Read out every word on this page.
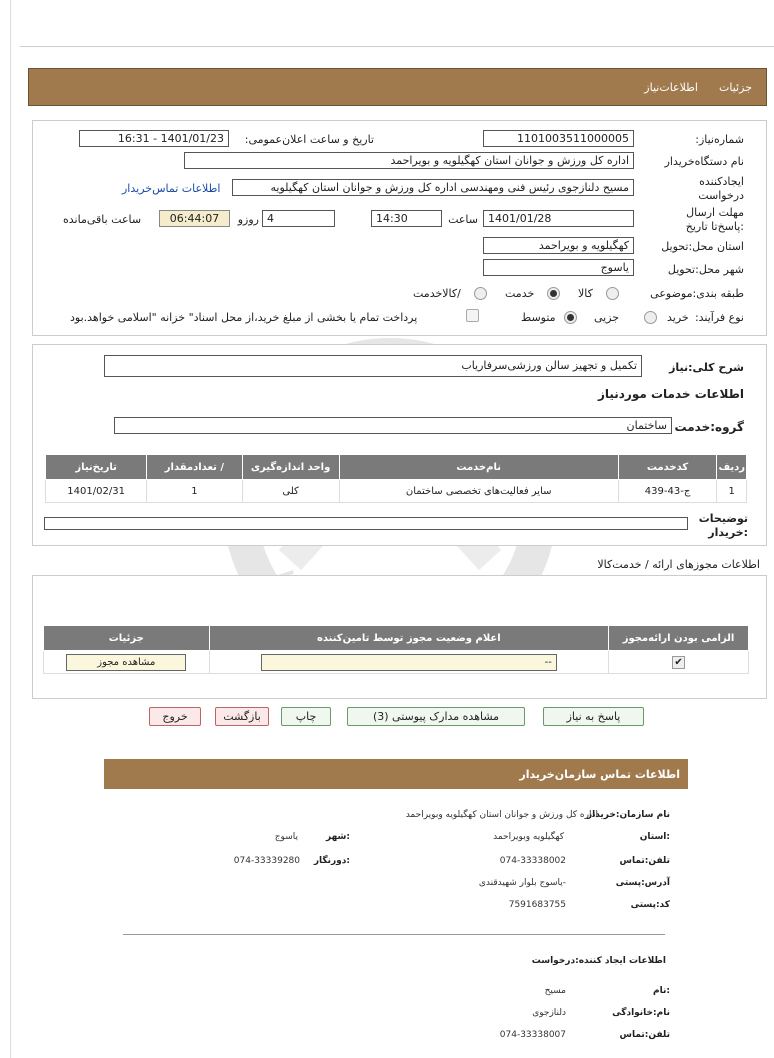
جزئیات
اطلاعات‌نیاز
شماره‌نیاز:
1101003511000005
تاریخ و ساعت اعلان‌عمومی:
1401/01/23 - 16:31
نام دستگاه‌خریدار
اداره کل ورزش و جوانان استان کهگیلویه و بویراحمد
ایجادکننده درخواست
مسیح دلنازجوی رئیس فنی ومهندسی اداره کل ورزش و جوانان استان کهگیلویه
اطلاعات تماس‌خریدار
مهلت ارسال :پاسخ‌تا تاریخ
1401/01/28
ساعت
14:30
4
روزو
06:44:07
ساعت باقی‌مانده
استان محل:تحویل
کهگیلویه و بویراحمد
شهر محل:تحویل
یاسوج
طبقه بندی:موضوعی
کالا
خدمت
/کالاخدمت
نوع فرآیند:
خرید
جزیی
متوسط
پرداخت تمام یا بخشی از مبلغ خرید،از محل اسناد" خزانه "اسلامی خواهد.بود
شرح کلی:نیاز
تکمیل و تجهیز سالن ورزشی‌سرفاریاب
اطلاعات خدمات موردنیاز
گروه:خدمت
ساختمان
ردیف	کدخدمت	نام‌خدمت	واحد اندازه‌گیری	/ تعدادمقدار	تاریخ‌نیاز
1	ج-43-439	سایر فعالیت‌های تخصصی ساختمان	کلی	1	1401/02/31
توضیحات :خریدار
اطلاعات مجوزهای ارائه / خدمت‌کالا
الزامی بودن ارائه‌مجوز	اعلام وضعیت مجوز توسط تامین‌کننده	جزئیات
✔	--	مشاهده مجوز
پاسخ به نیاز
مشاهده مدارک پیوستی (3)
چاپ
بازگشت
خروج
اطلاعات تماس سازمان‌خریدار
نام سازمان:خریدار
اداره کل ورزش و جوانان استان کهگیلویه وبویراحمد
:استان
کهگیلویه وبویراحمد
:شهر
یاسوج
تلفن:تماس
074-33338002
:دورنگار
074-33339280
آدرس:پستی
-یاسوج بلوار شهیدقندی
کد:پستی
7591683755
اطلاعات ایجاد کننده:درخواست
:نام
مسیح
نام:خانوادگی
دلنازجوی
تلفن:تماس
074-33338007
